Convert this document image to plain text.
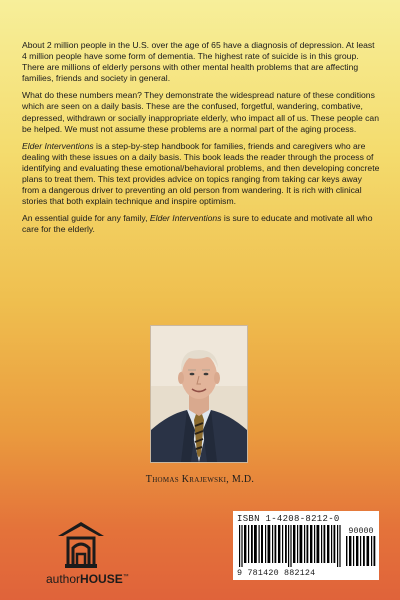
About 2 million people in the U.S. over the age of 65 have a diagnosis of depression. At least 4 million people have some form of dementia. The highest rate of suicide is in this group. There are millions of elderly persons with other mental health problems that are affecting families, friends and society in general.

What do these numbers mean? They demonstrate the widespread nature of these conditions which are seen on a daily basis. These are the confused, forgetful, wandering, combative, depressed, withdrawn or socially inappropriate elderly, who impact all of us. These people can be helped. We must not assume these problems are a normal part of the aging process.

Elder Interventions is a step-by-step handbook for families, friends and caregivers who are dealing with these issues on a daily basis. This book leads the reader through the process of identifying and evaluating these emotional/behavioral problems, and then developing concrete plans to treat them. This text provides advice on topics ranging from taking car keys away from a dangerous driver to preventing an old person from wandering. It is rich with clinical stories that both explain technique and inspire optimism.

An essential guide for any family, Elder Interventions is sure to educate and motivate all who care for the elderly.

Thomas Krajewski, M.D.
authorHOUSE™
ISBN 1-4208-8212-0
90000
9 781420 882124
